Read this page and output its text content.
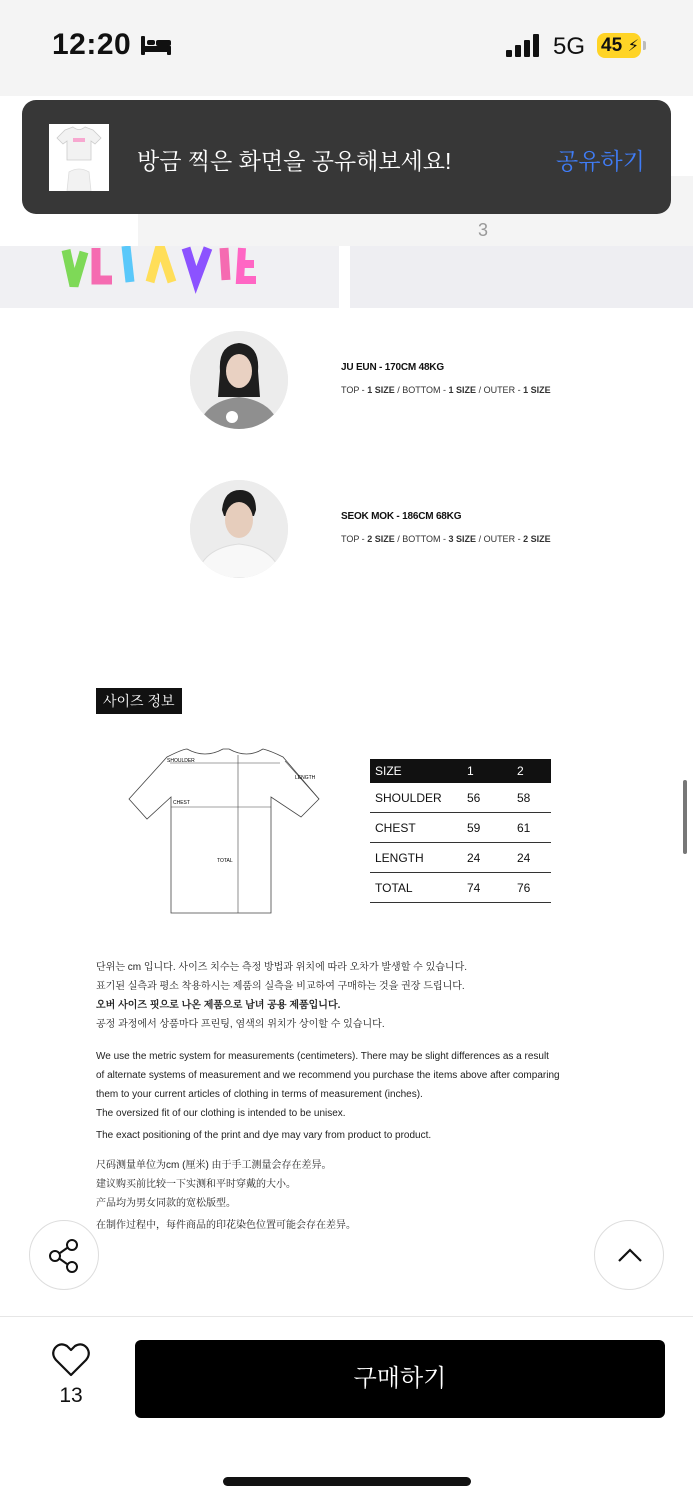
12:20	5G 45 ⚡
3
방금 찍은 화면을 공유해보세요!	공유하기
JU EUN - 170CM 48KG
TOP - 1 SIZE / BOTTOM - 1 SIZE / OUTER - 1 SIZE
SEOK MOK - 186CM 68KG
TOP - 2 SIZE / BOTTOM - 3 SIZE / OUTER - 2 SIZE
사이즈 정보
SHOULDER
LENGTH
CHEST
TOTAL
SIZE	1	2
SHOULDER 56	58
CHEST	59	61
LENGTH	24	24
TOTAL	74	76

단위는 cm 입니다. 사이즈 치수는 측정 방법과 위치에 따라 오차가 발생할 수 있습니다.

표기된 실측과 평소 착용하시는 제품의 실측을 비교하여 구매하는 것을 권장 드립니다.

오버 사이즈 핏으로 나온 제품으로 남녀 공용 제품입니다.

공정 과정에서 상품마다 프린팅, 염색의 위치가 상이할 수 있습니다.

We use the metric system for measurements (centimeters). There may be slight differences as a result

of alternate systems of measurement and we recommend you purchase the items above after comparing

them to your current articles of clothing in terms of measurement (inches).

The oversized fit of our clothing is intended to be unisex.

The exact positioning of the print and dye may vary from product to product.

尺码测量单位为cm (厘米) 由于手工测量会存在差异。

建议购买前比较一下实测和平时穿戴的大小。

产品均为男女同款的宽松版型。

在制作过程中，每件商品的印花染色位置可能会存在差异。

13
구매하기
